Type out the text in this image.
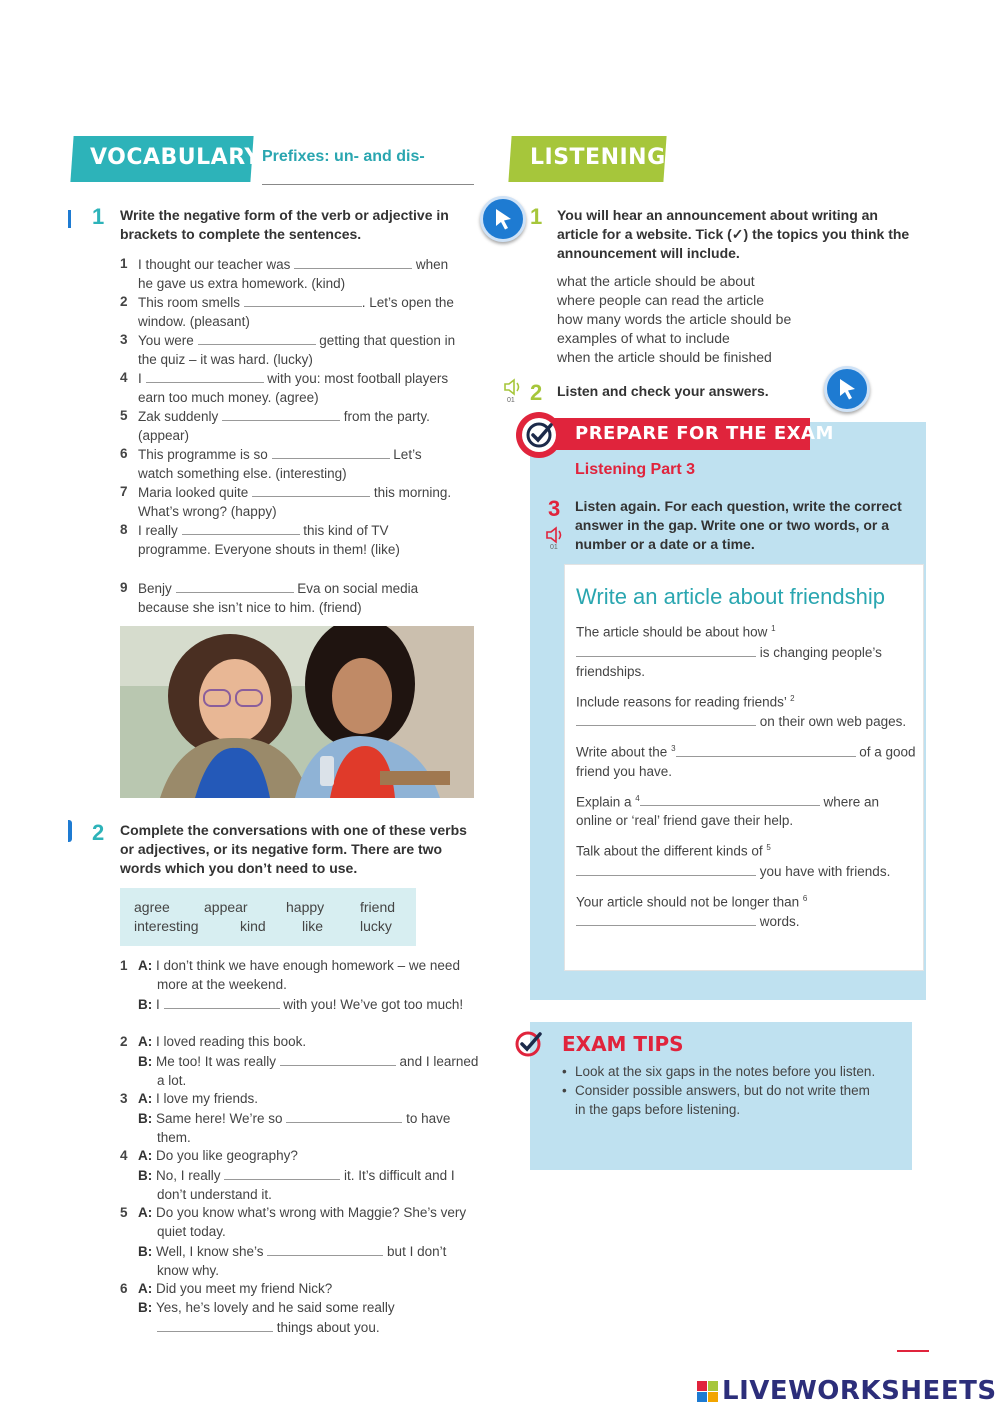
VOCABULARY Prefixes: un- and dis-
1 Write the negative form of the verb or adjective in brackets to complete the sentences.
1 I thought our teacher was	when he gave us extra homework. (kind)
2 This room smells	. Let’s open the window. (pleasant)
3 You were	getting that question in the quiz – it was hard. (lucky)
4 I	with you: most football players earn too much money. (agree)
5 Zak suddenly	from the party. (appear)
6 This programme is so	Let’s watch something else. (interesting)
7 Maria looked quite	this morning. What’s wrong? (happy)
8 I really	this kind of TV programme. Everyone shouts in them! (like)
9 Benjy	Eva on social media because she isn’t nice to him. (friend)
2 Complete the conversations with one of these verbs or adjectives, or its negative form. There are two words which you don’t need to use.
agree appear	happy	friend
interesting	kind	like	lucky
1 A: I don’t think we have enough homework – we need more at the weekend.
B: I	with you! We’ve got too much!
2 A: I loved reading this book.
B: Me too! It was really	and I learned a lot.
3 A: I love my friends.
B: Same here! We’re so	to have them.
4 A: Do you like geography?
B: No, I really	it. It’s difficult and I don’t understand it.
5 A: Do you know what’s wrong with Maggie? She’s very quiet today.
B: Well, I know she’s	but I don’t know why.
6 A: Did you meet my friend Nick?
B: Yes, he’s lovely and he said some really  things about you.
LISTENING
1 You will hear an announcement about writing an article for a website. Tick (✓) the topics you think the announcement will include.
what the article should be about
where people can read the article
how many words the article should be
examples of what to include
when the article should be finished
01 2 Listen and check your answers.
PREPARE FOR THE EXAM
Listening Part 3
3
01
Listen again. For each question, write the correct answer in the gap. Write one or two words, or a number or a date or a time.
Write an article about friendship

The article should be about how $^1$ is changing people’s friendships.

Include reasons for reading friends’ $^2$ on their own web pages.

Write about the $^3$	of a good friend you have.

Explain a $^4$	where an online or ‘real’ friend gave their help.

Talk about the different kinds of $^5$ you have with friends.

Your article should not be longer than $^6$ words.

EXAM TIPS
• Look at the six gaps in the notes before you listen.
• Consider possible answers, but do not write them in the gaps before listening.
LIVEWORKSHEETS
